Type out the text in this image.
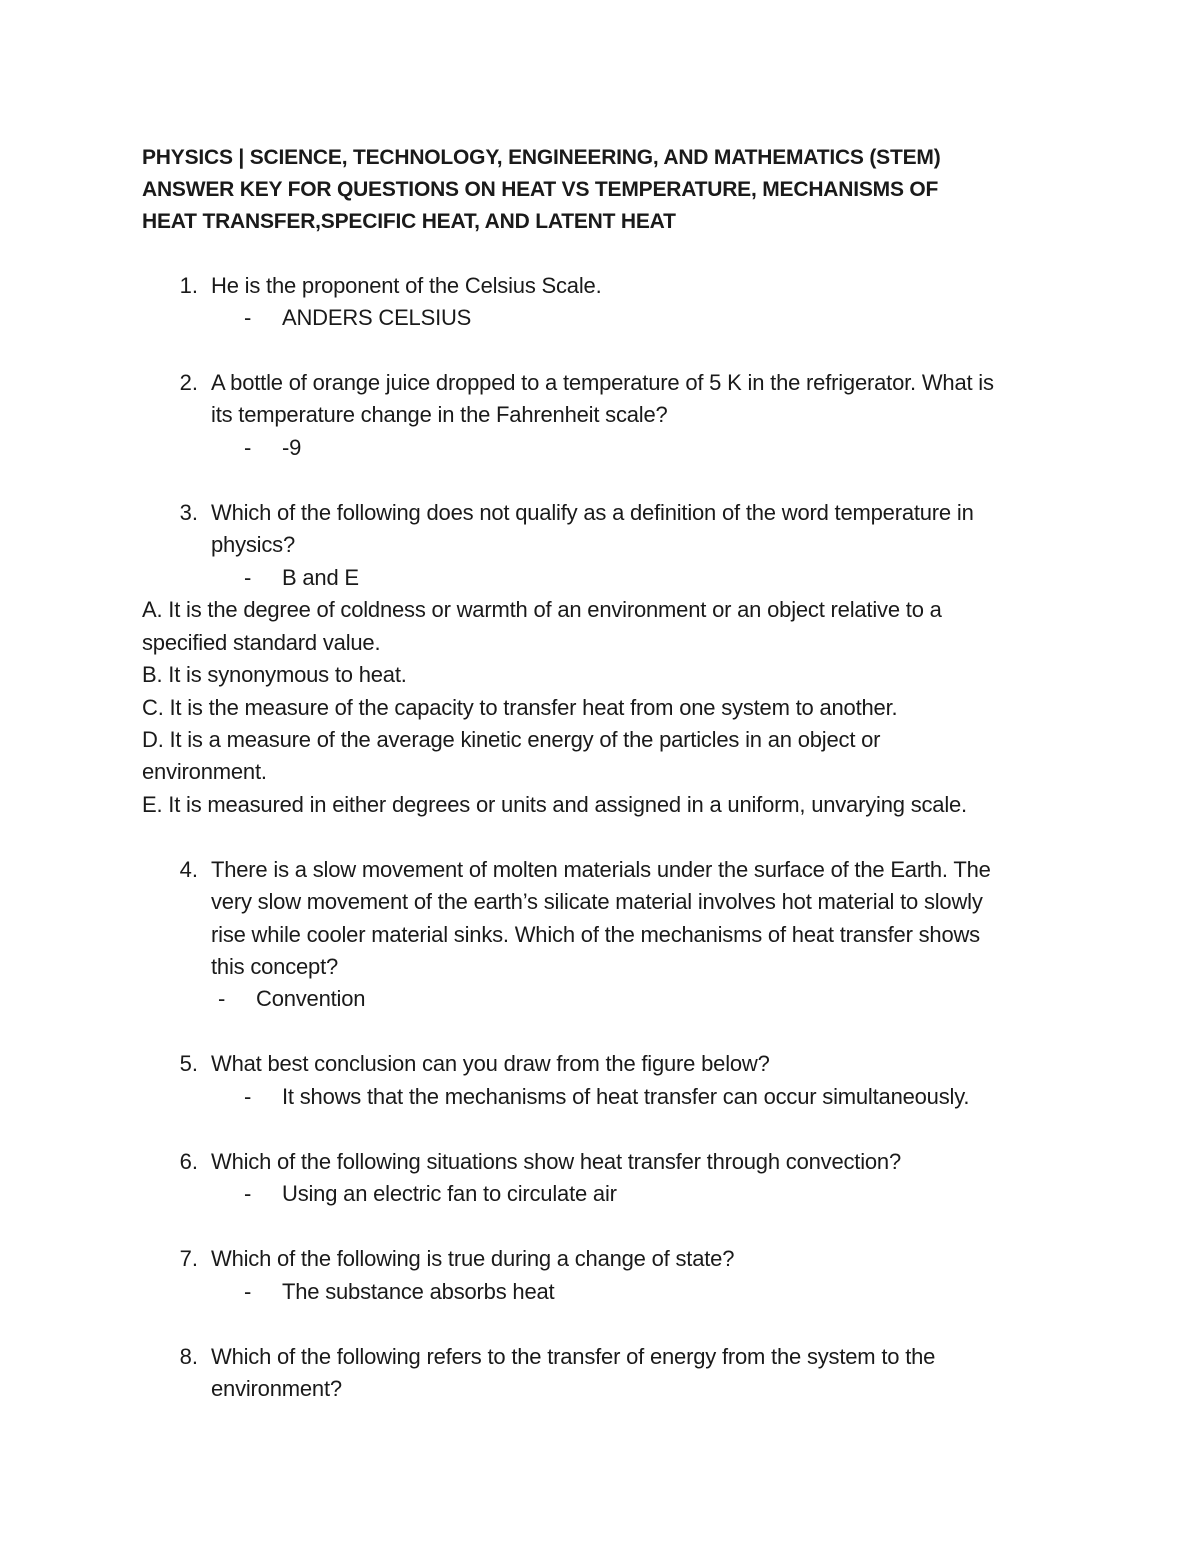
PHYSICS | SCIENCE, TECHNOLOGY, ENGINEERING, AND MATHEMATICS (STEM)
ANSWER KEY FOR QUESTIONS ON HEAT VS TEMPERATURE, MECHANISMS OF
HEAT TRANSFER,SPECIFIC HEAT, AND LATENT HEAT
1. He is the proponent of the Celsius Scale.
- ANDERS CELSIUS
2. A bottle of orange juice dropped to a temperature of 5 K in the refrigerator. What is
its temperature change in the Fahrenheit scale?
- -9
3. Which of the following does not qualify as a definition of the word temperature in
physics?
- B and E
A. It is the degree of coldness or warmth of an environment or an object relative to a
specified standard value.
B. It is synonymous to heat.
C. It is the measure of the capacity to transfer heat from one system to another.
D. It is a measure of the average kinetic energy of the particles in an object or
environment.
E. It is measured in either degrees or units and assigned in a uniform, unvarying scale.
4. There is a slow movement of molten materials under the surface of the Earth. The
very slow movement of the earth’s silicate material involves hot material to slowly
rise while cooler material sinks. Which of the mechanisms of heat transfer shows
this concept?
- Convention
5. What best conclusion can you draw from the figure below?
- It shows that the mechanisms of heat transfer can occur simultaneously.
6. Which of the following situations show heat transfer through convection?
- Using an electric fan to circulate air
7. Which of the following is true during a change of state?
- The substance absorbs heat
8. Which of the following refers to the transfer of energy from the system to the
environment?
